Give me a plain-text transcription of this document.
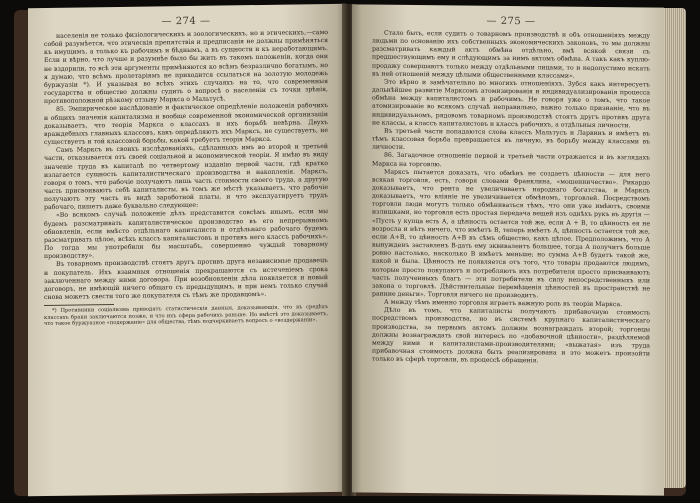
— 274 —

населенія не только физіологическихъ и зоологическихъ, но и этическихъ,—само собой разумѣется, что этическія препятствія и предписанія не должны примѣняться къ имущимъ, а только къ рабочимъ и бѣднымъ, а въ сущности и къ неработающимъ. Если и вѣрно, что лучше и разумнѣе было бы жить въ такомъ положеніи, когда они не вздорили, то всѣ эти аргументы примѣняются ко всѣмъ безразлично богатымъ, но я думаю, что всѣмъ пролетаріямъ не приходится ссылаться на золотую молодежь буржуазіи *). И указывая во всѣхъ этихъ случаяхъ на то, что современныя государства и общество должны судить о вопросѣ о населеніи съ точки зрѣнія, противоположной рѣзкому отзыву Маркса о Мальтусѣ.

85. Эмпирическое наслѣдованіе и фактическое опредѣленіе положенія рабочихъ и общихъ значенія капитализма и вообще современной экономической организаціи доказываетъ, что теорія Маркса о классахъ и ихъ борьбѣ невѣрна. Двухъ враждебныхъ главныхъ классовъ, какъ опредѣляютъ ихъ Марксъ, не существуетъ, не существуетъ и той классовой борьбы, какой требуетъ теорія Маркса.

Самъ Марксъ въ своихъ изслѣдованіяхъ, сдѣланныхъ имъ во второй и третьей части, отказывается отъ своей соціальной и экономической теоріи. Я имѣю въ виду значеніе труда въ капиталѣ по четвертому изданію первой части, гдѣ кратко излагается сущность капиталистическаго производства и накопленія. Марксъ, говоря о томъ, что рабочіе получаютъ лишь часть стоимости своего труда, а другую часть присвоиваютъ себѣ капиталисты, въ томъ же мѣстѣ указываетъ, что рабочіе получаютъ эту часть въ видѣ заработной платы, и что эксплуатируетъ трудъ рабочаго, пишетъ даже буквально следующее:

«Во всякомъ случаѣ положеніе дѣлъ представится совсѣмъ инымъ, если мы будемъ разсматривать капиталистическое производство въ его непрерывномъ обновленіи, если вмѣсто отдѣльнаго капиталиста и отдѣльнаго рабочаго будемъ разсматривать цѣлое, всѣхъ классъ капиталистовъ и противъ него классъ рабочихъ». По тогда мы употребили бы масштабъ, совершенно чуждый товарному производству».

Въ товарномъ производствѣ стоятъ другъ противъ друга независимые продавецъ и покупатель. Ихъ взаимныя отношенія прекращаются съ истеченіемъ срока заключеннаго между ними договора. При возобновленіи дѣла появляется и новый договоръ, не имѣющій ничего общаго съ предыдущимъ, и при немъ только случай снова можетъ свести того же покупателя съ тѣмъ же продавцомъ».

*) Противники соціализма приводятъ статистическія данныя, доказывающія, что въ средѣхъ классахъ браки заключаются позже, и что ихъ сфера рабочихъ раньше. Но вмѣстѣ это доказываетъ, что такое буржуазное «подержаніе» для общества, тѣмъ подчеркиваетъ вопросъ о «воздержаніи».

— 275 —

Стало быть, если судить о товарномъ производствѣ и объ отношеніяхъ между людьми по основанію ихъ собственныхъ экономическихъ законовъ, то мы должны разсматривать каждый актъ обмѣна отдѣльно, вмѣ всякой связи съ предшествующимъ ему и слѣдующимъ за нимъ актомъ обмѣна. А такъ какъ куплю-продажу совершаютъ только между отдѣльными лицами, то и недопустимо искать въ ней отношеній между цѣлыми общественными классами».

Это вѣрно и замѣчательно во многихъ отношеніяхъ. Зубся какъ интересуетъ дальнѣйшее развитіе Марксомъ атомизированія и индивидуализированія процесса обмѣна между капиталистомъ и рабочимъ. Не говоря уже о томъ, что такое атомизированіе во всякомъ случаѣ неправильно, важно только признаніе, что въ индивидуальномъ, рядовомъ товарномъ производствѣ стоятъ другъ противъ друга не классы, а классъ капиталистовъ и классъ рабочихъ, а отдѣльныя личности.

Въ третьей части попадаются слова классъ Мальтусъ и Ларвинъ и имѣетъ въ тѣмъ классовая борьба превращается въ личную, въ борьбу между классами въ личности.

86. Загадочное отношеніе первой и третьей части отражается и въ взглядахъ Маркса на торговлю.

Марксъ пытается доказать, что обмѣнъ не создаетъ цѣнности — для него всякая торговля, есть, говоря словами Франклина, «мошенничество». Рикардо доказываетъ, что рента не увеличиваетъ народнаго богатства, и Марксъ доказываетъ, что вліяніе не увеличивается обмѣномъ, торговлей. Посредствомъ торговли люди могутъ только обмѣниваться тѣмъ, что они уже имѣютъ, своими излишками, но торговля есть простая передача вещей изъ однѣхъ рукъ въ другія — «Пусть у купца есть А, а цѣнность остается той же, если А + В, то цѣнность ея не возросла и нѣтъ ничего, что имѣетъ В, теперь имѣетъ А, цѣнность остается той же, если А+В, то цѣнность А+В въ сѣмъ общество, какъ цѣлое. Предположимъ, что А вынужденъ заставленъ В-дать ему эквивалентъ большее, тогда А получитъ больше ровно настолько, насколько В имѣетъ меньше; но сумма А+В будетъ такой же, какой и была. Цѣнность не появляется отъ того, что товары продаются людямъ, которые просто покупаютъ и потребляютъ ихъ потребителя просто присваиваютъ часть полученныхъ благъ — эти потребители въ силу непосредственныхъ или закона о торговлѣ. Дѣйствительные перемѣщенія цѣнностей въ пространствѣ не ранние деньги». Торговля ничего не производитъ.

А между тѣмъ именно торговля играетъ важную роль въ теоріи Маркса.

Дѣло въ томъ, что капиталисты получаютъ прибавочную стоимость посредствомъ производства, но въ системѣ крупнаго капиталистическаго производства, за первымъ актомъ должны вознаграждать второй; торговцы должны вознаграждать свой интересъ по «добавочной цѣнности», раздѣляемой между ними и капиталистами-производителями; «выжатая» изъ труда прибавочная стоимость должна быть реализирована и это можетъ произойти только въ сферѣ торговли, въ процессѣ обращенія.
